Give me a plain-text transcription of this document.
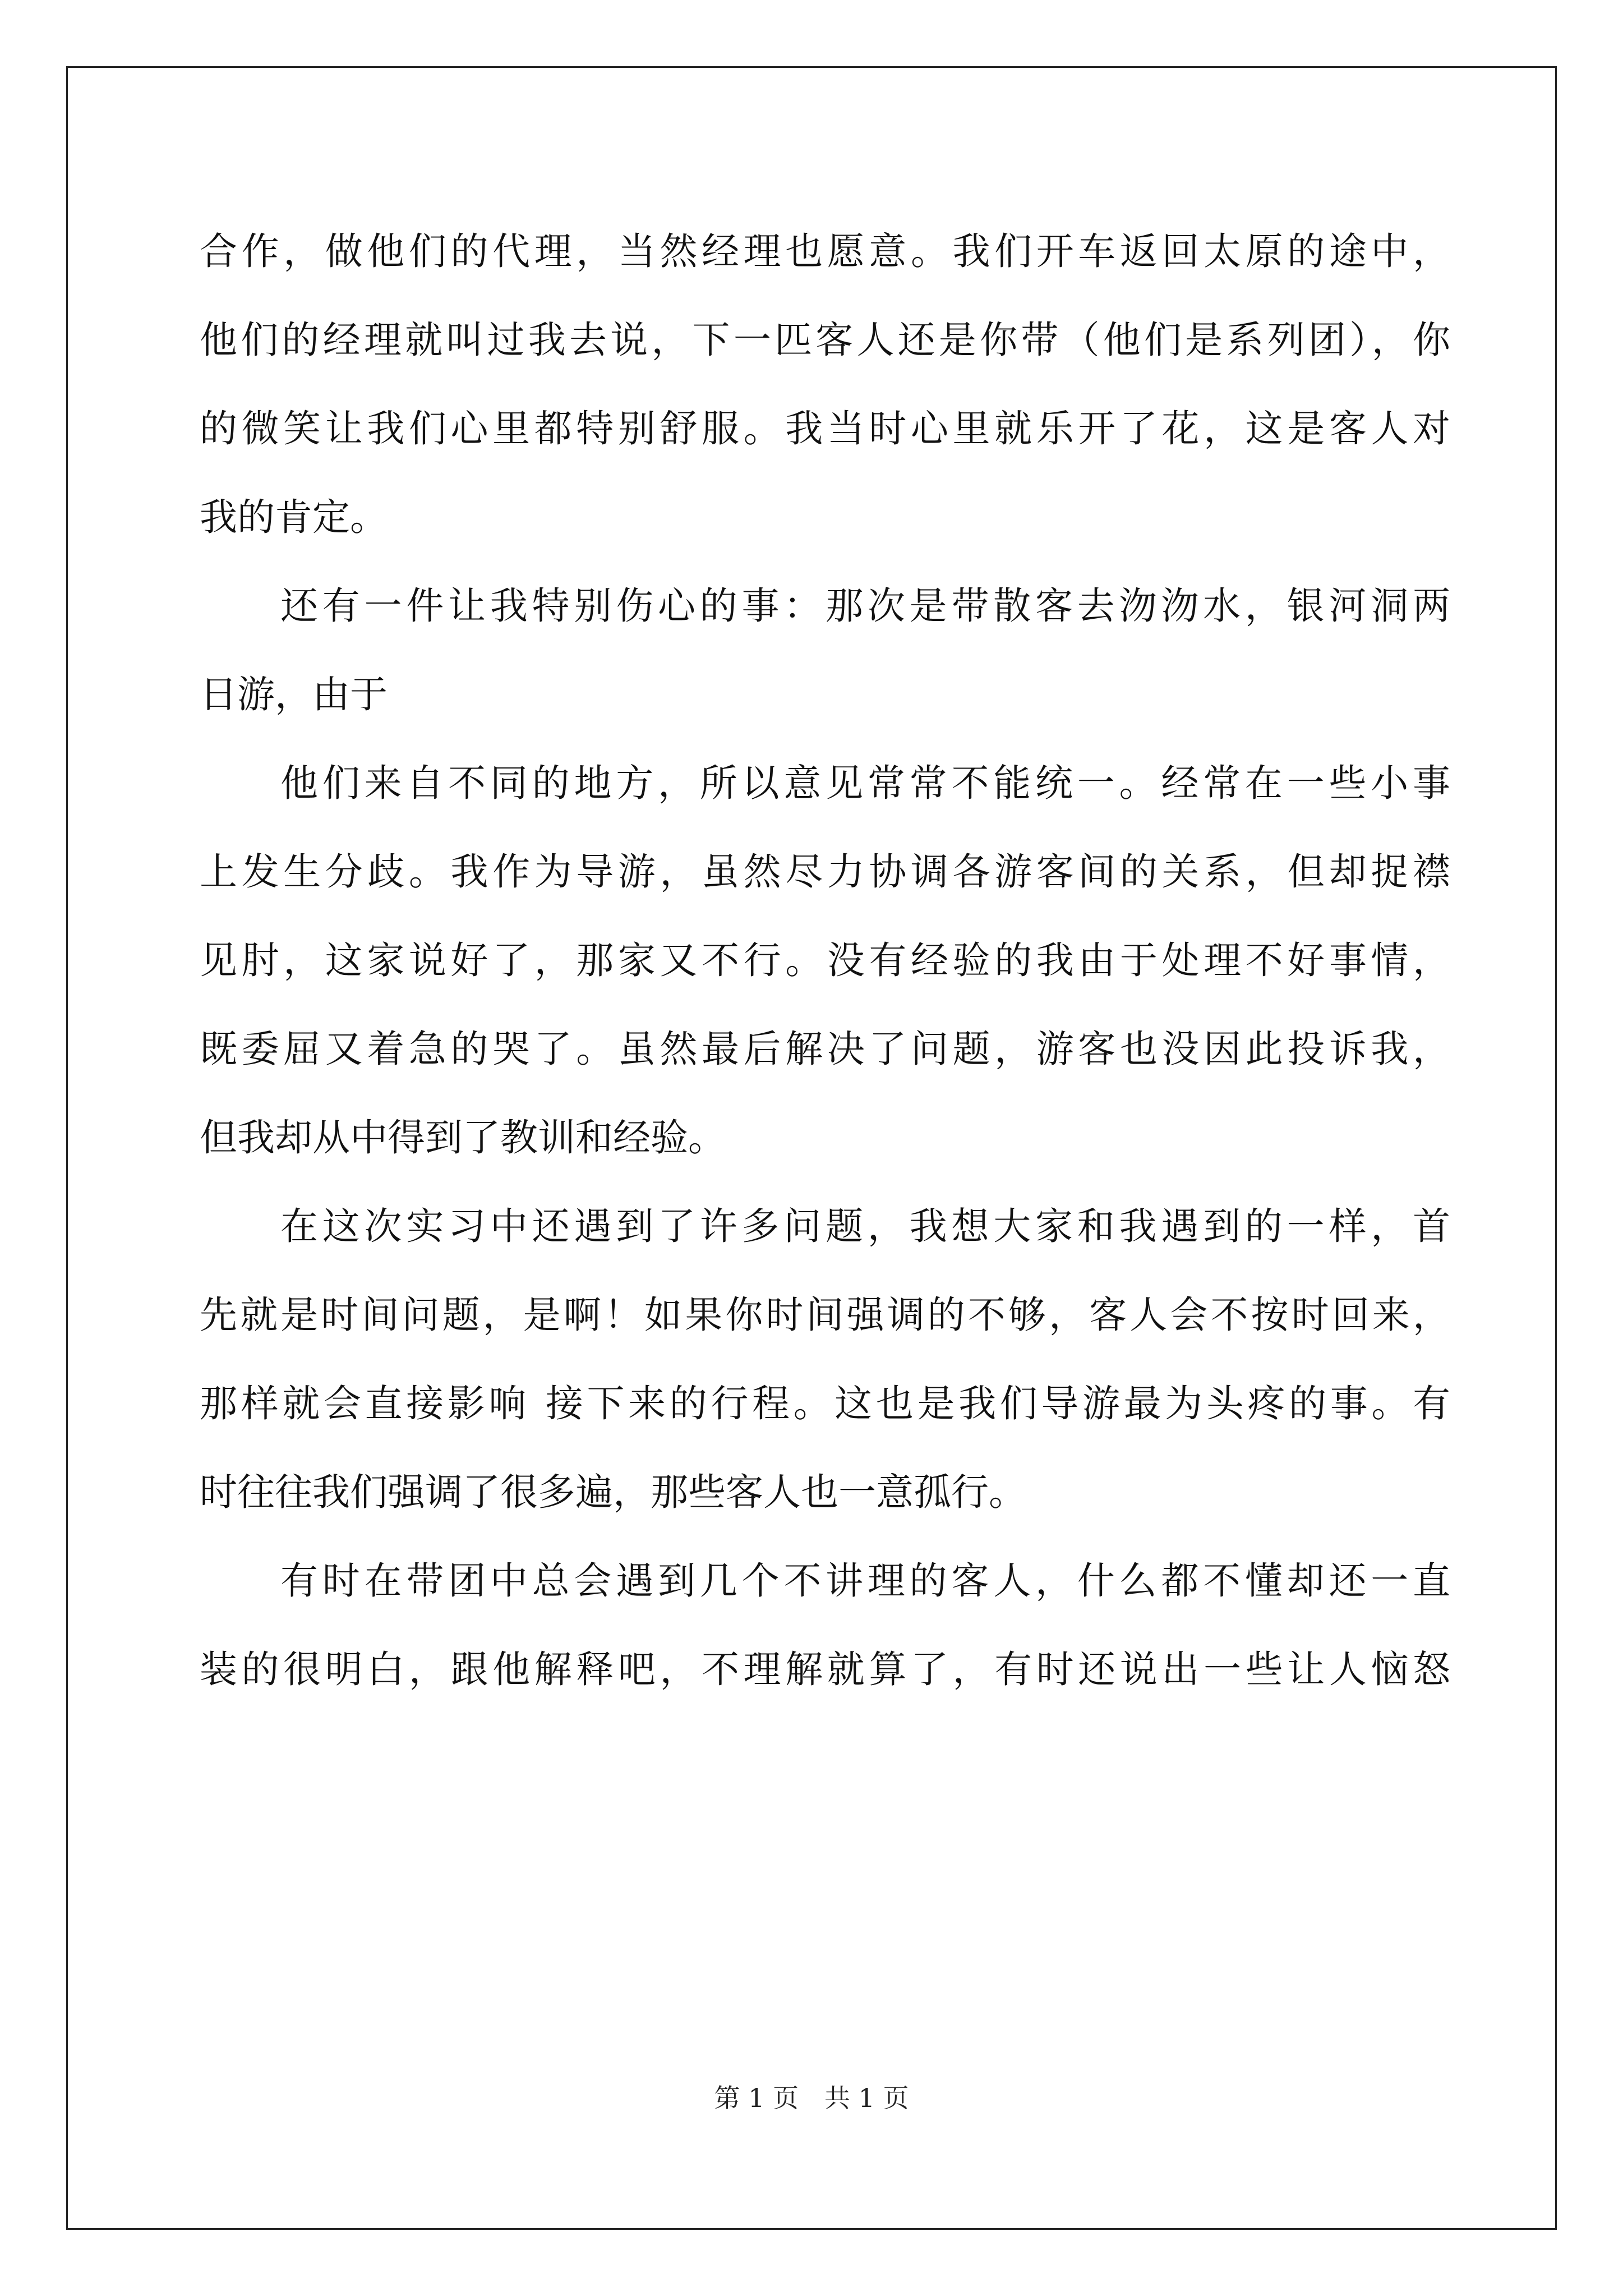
合作，做他们的代理，当然经理也愿意。我们开车返回太原的途中，
他们的经理就叫过我去说，下一匹客人还是你带（他们是系列团），你
的微笑让我们心里都特别舒服。我当时心里就乐开了花，这是客人对
我的肯定。
还有一件让我特别伤心的事：那次是带散客去沕沕水，银河洞两
日游，由于
他们来自不同的地方，所以意见常常不能统一。经常在一些小事
上发生分歧。我作为导游，虽然尽力协调各游客间的关系，但却捉襟
见肘，这家说好了，那家又不行。没有经验的我由于处理不好事情，
既委屈又着急的哭了。虽然最后解决了问题，游客也没因此投诉我，
但我却从中得到了教训和经验。
在这次实习中还遇到了许多问题，我想大家和我遇到的一样，首
先就是时间问题，是啊！如果你时间强调的不够，客人会不按时回来，
那样就会直接影响 接下来的行程。这也是我们导游最为头疼的事。有
时往往我们强调了很多遍，那些客人也一意孤行。
有时在带团中总会遇到几个不讲理的客人，什么都不懂却还一直
装的很明白，跟他解释吧，不理解就算了，有时还说出一些让人恼怒
第 1 页　共 1 页
